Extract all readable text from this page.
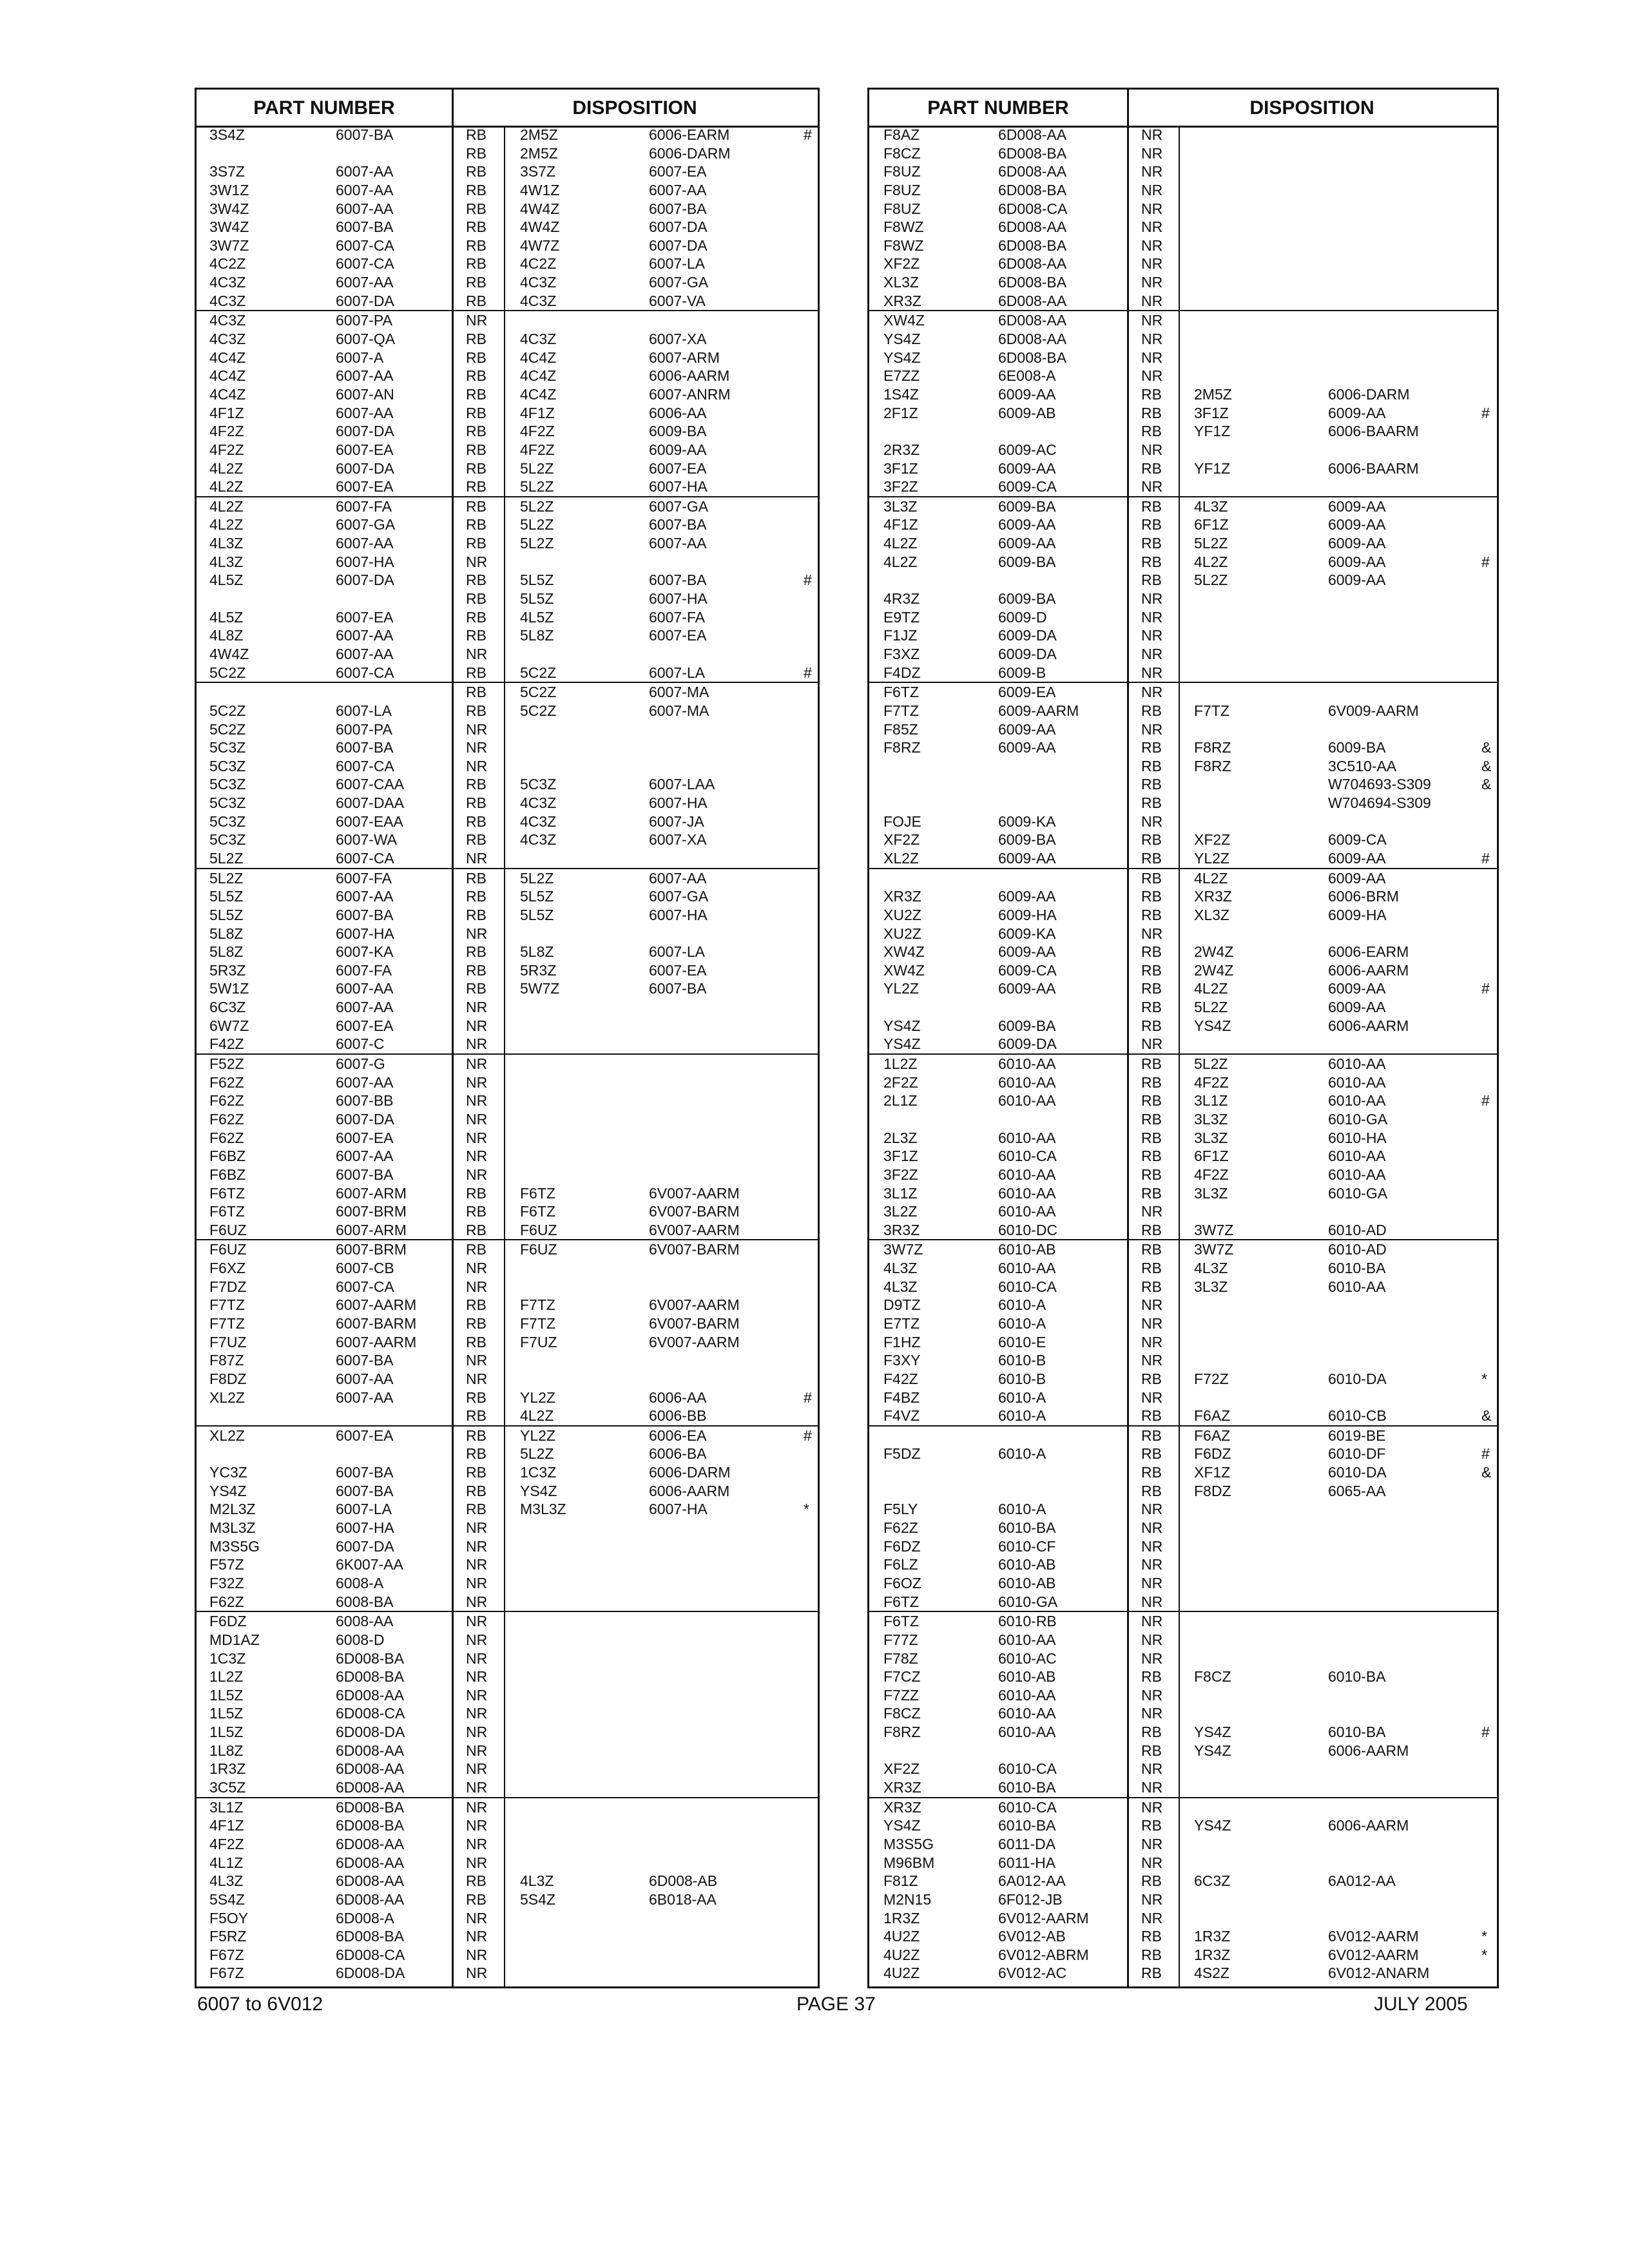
PART NUMBER	DISPOSITION
3S4Z	6007-BA	RB 2M5Z	6006-EARM	#
RB 2M5Z	6006-DARM
3S7Z	6007-AA	RB 3S7Z	6007-EA
3W1Z	6007-AA	RB 4W1Z	6007-AA
3W4Z	6007-AA	RB 4W4Z	6007-BA
3W4Z	6007-BA	RB 4W4Z	6007-DA
3W7Z	6007-CA	RB 4W7Z	6007-DA
4C2Z	6007-CA	RB 4C2Z	6007-LA
4C3Z	6007-AA	RB 4C3Z	6007-GA
4C3Z	6007-DA	RB 4C3Z	6007-VA
4C3Z	6007-PA	NR
4C3Z	6007-QA	RB 4C3Z	6007-XA
4C4Z	6007-A	RB 4C4Z	6007-ARM
4C4Z	6007-AA	RB 4C4Z	6006-AARM
4C4Z	6007-AN	RB 4C4Z	6007-ANRM
4F1Z	6007-AA	RB 4F1Z	6006-AA
4F2Z	6007-DA	RB 4F2Z	6009-BA
4F2Z	6007-EA	RB 4F2Z	6009-AA
4L2Z	6007-DA	RB 5L2Z	6007-EA
4L2Z	6007-EA	RB 5L2Z	6007-HA
4L2Z	6007-FA	RB 5L2Z	6007-GA
4L2Z	6007-GA	RB 5L2Z	6007-BA
4L3Z	6007-AA	RB 5L2Z	6007-AA
4L3Z	6007-HA	NR
4L5Z	6007-DA	RB 5L5Z	6007-BA	#
RB 5L5Z	6007-HA
4L5Z	6007-EA	RB 4L5Z	6007-FA
4L8Z	6007-AA	RB 5L8Z	6007-EA
4W4Z	6007-AA	NR
5C2Z	6007-CA	RB 5C2Z	6007-LA	#
RB 5C2Z	6007-MA
5C2Z	6007-LA	RB 5C2Z	6007-MA
5C2Z	6007-PA	NR
5C3Z	6007-BA	NR
5C3Z	6007-CA	NR
5C3Z	6007-CAA	RB 5C3Z	6007-LAA
5C3Z	6007-DAA	RB 4C3Z	6007-HA
5C3Z	6007-EAA	RB 4C3Z	6007-JA
5C3Z	6007-WA	RB 4C3Z	6007-XA
5L2Z	6007-CA	NR
5L2Z	6007-FA	RB 5L2Z	6007-AA
5L5Z	6007-AA	RB 5L5Z	6007-GA
5L5Z	6007-BA	RB 5L5Z	6007-HA
5L8Z	6007-HA	NR
5L8Z	6007-KA	RB 5L8Z	6007-LA
5R3Z	6007-FA	RB 5R3Z	6007-EA
5W1Z	6007-AA	RB 5W7Z	6007-BA
6C3Z	6007-AA	NR
6W7Z	6007-EA	NR
F42Z	6007-C	NR
F52Z	6007-G	NR
F62Z	6007-AA	NR
F62Z	6007-BB	NR
F62Z	6007-DA	NR
F62Z	6007-EA	NR
F6BZ	6007-AA	NR
F6BZ	6007-BA	NR
F6TZ	6007-ARM	RB F6TZ	6V007-AARM
F6TZ	6007-BRM	RB F6TZ	6V007-BARM
F6UZ	6007-ARM	RB F6UZ	6V007-AARM
F6UZ	6007-BRM	RB F6UZ	6V007-BARM
F6XZ	6007-CB	NR
F7DZ	6007-CA	NR
F7TZ	6007-AARM	RB F7TZ	6V007-AARM
F7TZ	6007-BARM	RB F7TZ	6V007-BARM
F7UZ	6007-AARM	RB F7UZ	6V007-AARM
F87Z	6007-BA	NR
F8DZ	6007-AA	NR
XL2Z	6007-AA	RB YL2Z	6006-AA	#
RB 4L2Z	6006-BB
XL2Z	6007-EA	RB YL2Z	6006-EA	#
RB 5L2Z	6006-BA
YC3Z	6007-BA	RB 1C3Z	6006-DARM
YS4Z	6007-BA	RB YS4Z	6006-AARM
M2L3Z	6007-LA	RB M3L3Z	6007-HA	*
M3L3Z	6007-HA	NR
M3S5G	6007-DA	NR
F57Z	6K007-AA	NR
F32Z	6008-A	NR
F62Z	6008-BA	NR
F6DZ	6008-AA	NR
MD1AZ	6008-D	NR
1C3Z	6D008-BA	NR
1L2Z	6D008-BA	NR
1L5Z	6D008-AA	NR
1L5Z	6D008-CA	NR
1L5Z	6D008-DA	NR
1L8Z	6D008-AA	NR
1R3Z	6D008-AA	NR
3C5Z	6D008-AA	NR
3L1Z	6D008-BA	NR
4F1Z	6D008-BA	NR
4F2Z	6D008-AA	NR
4L1Z	6D008-AA	NR
4L3Z	6D008-AA	RB 4L3Z	6D008-AB
5S4Z	6D008-AA	RB 5S4Z	6B018-AA
F5OY	6D008-A	NR
F5RZ	6D008-BA	NR
F67Z	6D008-CA	NR
F67Z	6D008-DA	NR
PART NUMBER	DISPOSITION
F8AZ	6D008-AA	NR
F8CZ	6D008-BA	NR
F8UZ	6D008-AA	NR
F8UZ	6D008-BA	NR
F8UZ	6D008-CA	NR
F8WZ	6D008-AA	NR
F8WZ	6D008-BA	NR
XF2Z	6D008-AA	NR
XL3Z	6D008-BA	NR
XR3Z	6D008-AA	NR
XW4Z	6D008-AA	NR
YS4Z	6D008-AA	NR
YS4Z	6D008-BA	NR
E7ZZ	6E008-A	NR
1S4Z	6009-AA	RB 2M5Z	6006-DARM
2F1Z	6009-AB	RB 3F1Z	6009-AA	#
RB YF1Z	6006-BAARM
2R3Z	6009-AC	NR
3F1Z	6009-AA	RB YF1Z	6006-BAARM
3F2Z	6009-CA	NR
3L3Z	6009-BA	RB 4L3Z	6009-AA
4F1Z	6009-AA	RB 6F1Z	6009-AA
4L2Z	6009-AA	RB 5L2Z	6009-AA
4L2Z	6009-BA	RB 4L2Z	6009-AA	#
RB 5L2Z	6009-AA
4R3Z	6009-BA	NR
E9TZ	6009-D	NR
F1JZ	6009-DA	NR
F3XZ	6009-DA	NR
F4DZ	6009-B	NR
F6TZ	6009-EA	NR
F7TZ	6009-AARM	RB F7TZ	6V009-AARM
F85Z	6009-AA	NR
F8RZ	6009-AA	RB F8RZ	6009-BA	&
RB F8RZ	3C510-AA	&
RB	W704693-S309	&
RB	W704694-S309
FOJE	6009-KA	NR
XF2Z	6009-BA	RB XF2Z	6009-CA
XL2Z	6009-AA	RB YL2Z	6009-AA	#
RB 4L2Z	6009-AA
XR3Z	6009-AA	RB XR3Z	6006-BRM
XU2Z	6009-HA	RB XL3Z	6009-HA
XU2Z	6009-KA	NR
XW4Z	6009-AA	RB 2W4Z	6006-EARM
XW4Z	6009-CA	RB 2W4Z	6006-AARM
YL2Z	6009-AA	RB 4L2Z	6009-AA	#
RB 5L2Z	6009-AA
YS4Z	6009-BA	RB YS4Z	6006-AARM
YS4Z	6009-DA	NR
1L2Z	6010-AA	RB 5L2Z	6010-AA
2F2Z	6010-AA	RB 4F2Z	6010-AA
2L1Z	6010-AA	RB 3L1Z	6010-AA	#
RB 3L3Z	6010-GA
2L3Z	6010-AA	RB 3L3Z	6010-HA
3F1Z	6010-CA	RB 6F1Z	6010-AA
3F2Z	6010-AA	RB 4F2Z	6010-AA
3L1Z	6010-AA	RB 3L3Z	6010-GA
3L2Z	6010-AA	NR
3R3Z	6010-DC	RB 3W7Z	6010-AD
3W7Z	6010-AB	RB 3W7Z	6010-AD
4L3Z	6010-AA	RB 4L3Z	6010-BA
4L3Z	6010-CA	RB 3L3Z	6010-AA
D9TZ	6010-A	NR
E7TZ	6010-A	NR
F1HZ	6010-E	NR
F3XY	6010-B	NR
F42Z	6010-B	RB F72Z	6010-DA	*
F4BZ	6010-A	NR
F4VZ	6010-A	RB F6AZ	6010-CB	&
RB F6AZ	6019-BE
F5DZ	6010-A	RB F6DZ	6010-DF	#
RB XF1Z	6010-DA	&
RB F8DZ	6065-AA
F5LY	6010-A	NR
F62Z	6010-BA	NR
F6DZ	6010-CF	NR
F6LZ	6010-AB	NR
F6OZ	6010-AB	NR
F6TZ	6010-GA	NR
F6TZ	6010-RB	NR
F77Z	6010-AA	NR
F78Z	6010-AC	NR
F7CZ	6010-AB	RB F8CZ	6010-BA
F7ZZ	6010-AA	NR
F8CZ	6010-AA	NR
F8RZ	6010-AA	RB YS4Z	6010-BA	#
RB YS4Z	6006-AARM
XF2Z	6010-CA	NR
XR3Z	6010-BA	NR
XR3Z	6010-CA	NR
YS4Z	6010-BA	RB YS4Z	6006-AARM
M3S5G	6011-DA	NR
M96BM	6011-HA	NR
F81Z	6A012-AA	RB 6C3Z	6A012-AA
M2N15	6F012-JB	NR
1R3Z	6V012-AARM	NR
4U2Z	6V012-AB	RB 1R3Z	6V012-AARM	*
4U2Z	6V012-ABRM	RB 1R3Z	6V012-AARM	*
4U2Z	6V012-AC	RB 4S2Z	6V012-ANARM
6007 to 6V012	PAGE 37	JULY 2005
